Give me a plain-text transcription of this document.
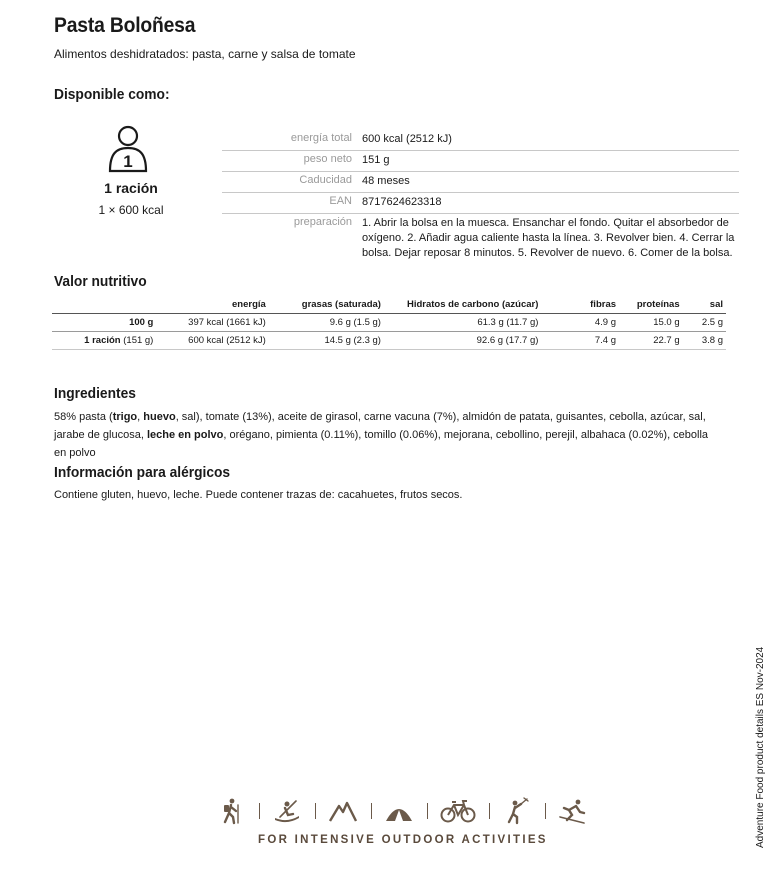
Pasta Boloñesa
Alimentos deshidratados: pasta, carne y salsa de tomate
Disponible como:
1
1 ración
1 × 600 kcal
energía total	600 kcal (2512 kJ)
peso neto	151 g
Caducidad	48 meses
EAN	8717624623318
preparación	1. Abrir la bolsa en la muesca. Ensanchar el fondo. Quitar el absorbedor de oxígeno. 2. Añadir agua caliente hasta la línea. 3. Revolver bien. 4. Cerrar la bolsa. Dejar reposar 8 minutos. 5. Revolver de nuevo. 6. Comer de la bolsa.
Valor nutritivo
	energía	grasas (saturada)	Hidratos de carbono (azúcar)	fibras	proteínas	sal
100 g	397 kcal (1661 kJ)	9.6 g (1.5 g)	61.3 g (11.7 g)	4.9 g	15.0 g	2.5 g
1 ración (151 g)	600 kcal (2512 kJ)	14.5 g (2.3 g)	92.6 g (17.7 g)	7.4 g	22.7 g	3.8 g
Ingredientes
58% pasta (trigo, huevo, sal), tomate (13%), aceite de girasol, carne vacuna (7%), almidón de patata, guisantes, cebolla, azúcar, sal, jarabe de glucosa, leche en polvo, orégano, pimienta (0.11%), tomillo (0.06%), mejorana, cebollino, perejil, albahaca (0.02%), cebolla en polvo
Información para alérgicos
Contiene gluten, huevo, leche. Puede contener trazas de: cacahuetes, frutos secos.
Adventure Food product details ES Nov-2024
FOR INTENSIVE OUTDOOR ACTIVITIES
